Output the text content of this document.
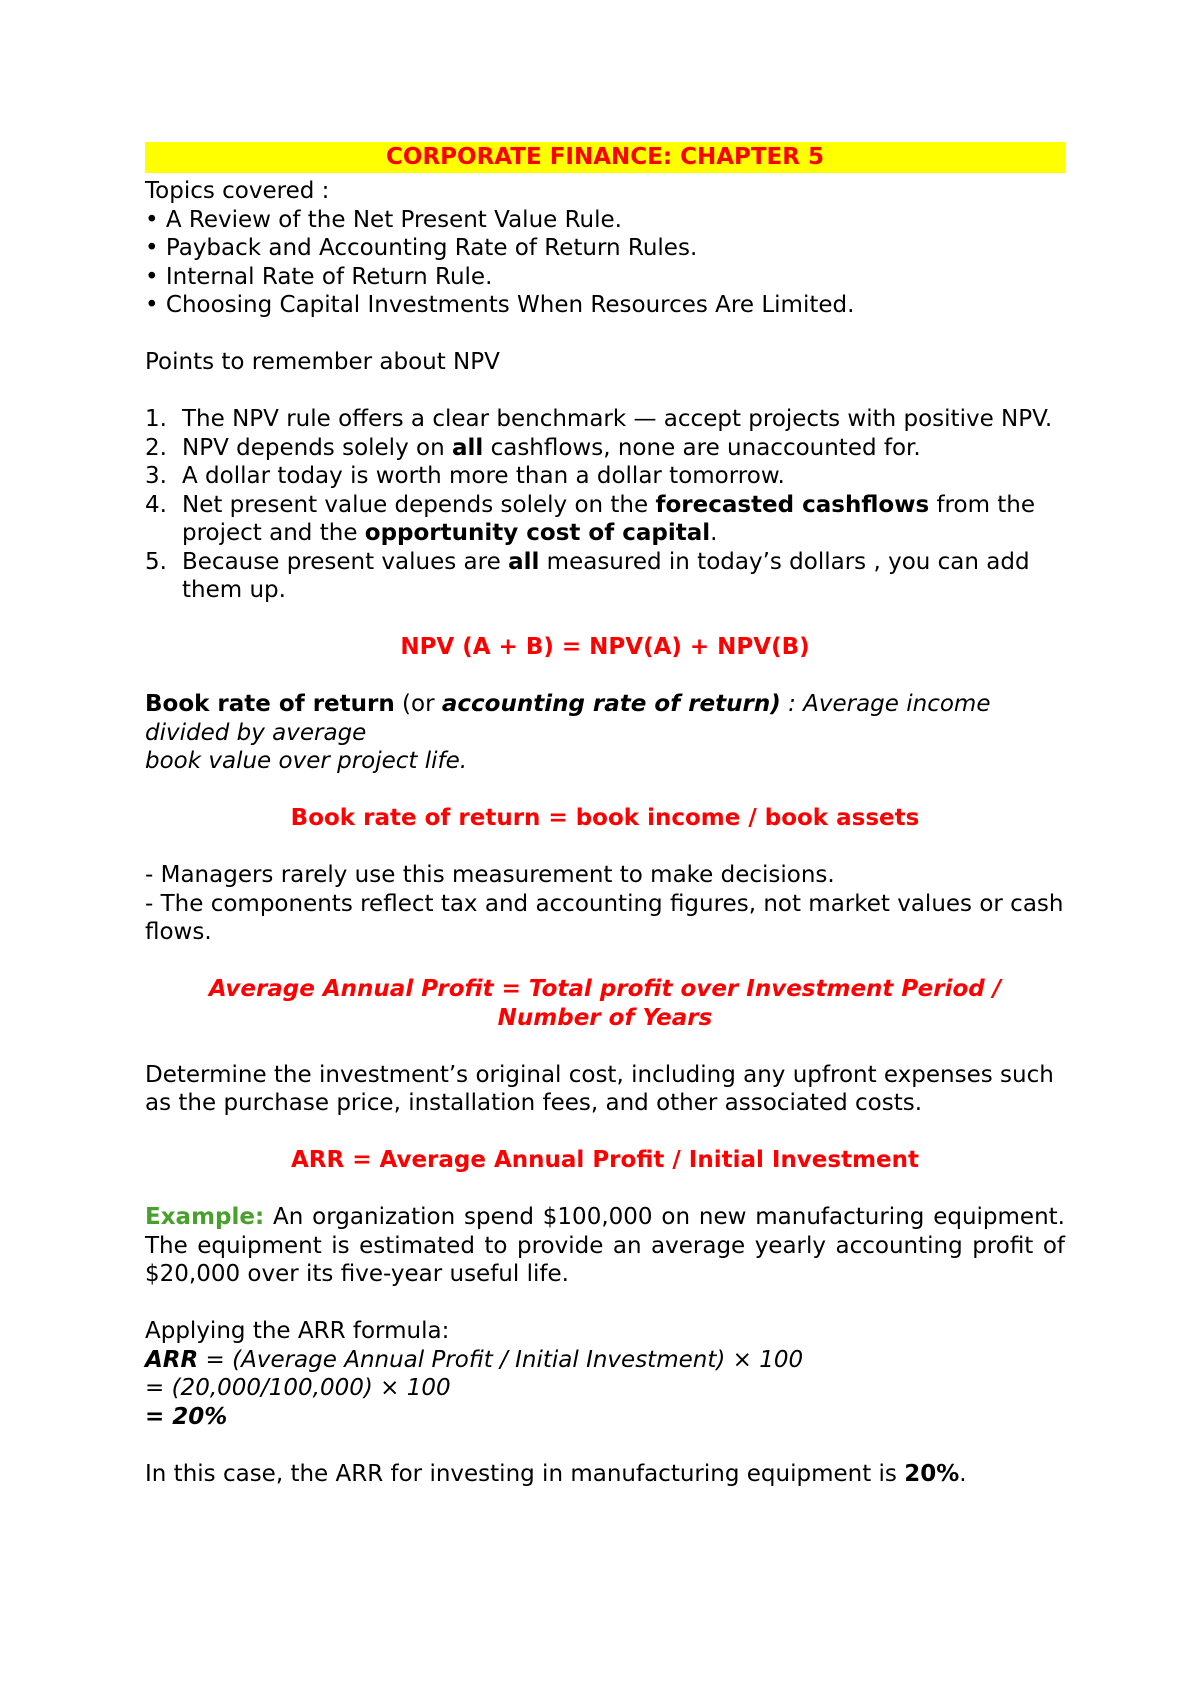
CORPORATE FINANCE: CHAPTER 5

Topics covered :

• A Review of the Net Present Value Rule.

• Payback and Accounting Rate of Return Rules.

• Internal Rate of Return Rule.

• Choosing Capital Investments When Resources Are Limited.

Points to remember about NPV

1. The NPV rule offers a clear benchmark — accept projects with positive NPV.
2. NPV depends solely on all cashflows, none are unaccounted for.
3. A dollar today is worth more than a dollar tomorrow.
4. Net present value depends solely on the forecasted cashflows from the project and the opportunity cost of capital.
5. Because present values are all measured in today’s dollars , you can add them up.

NPV (A + B) = NPV(A) + NPV(B)

Book rate of return (or accounting rate of return) : Average income divided by average

book value over project life.

Book rate of return = book income / book assets

- Managers rarely use this measurement to make decisions.

- The components reflect tax and accounting figures, not market values or cash flows.

Average Annual Profit = Total profit over Investment Period /

Number of Years

Determine the investment’s original cost, including any upfront expenses such as the purchase price, installation fees, and other associated costs.

ARR = Average Annual Profit / Initial Investment

Example: An organization spend $100,000 on new manufacturing equipment. The equipment is estimated to provide an average yearly accounting profit of $20,000 over its five-year useful life.

Applying the ARR formula:

ARR = (Average Annual Profit / Initial Investment) × 100

= (20,000/100,000) × 100

= 20%

In this case, the ARR for investing in manufacturing equipment is 20%.
